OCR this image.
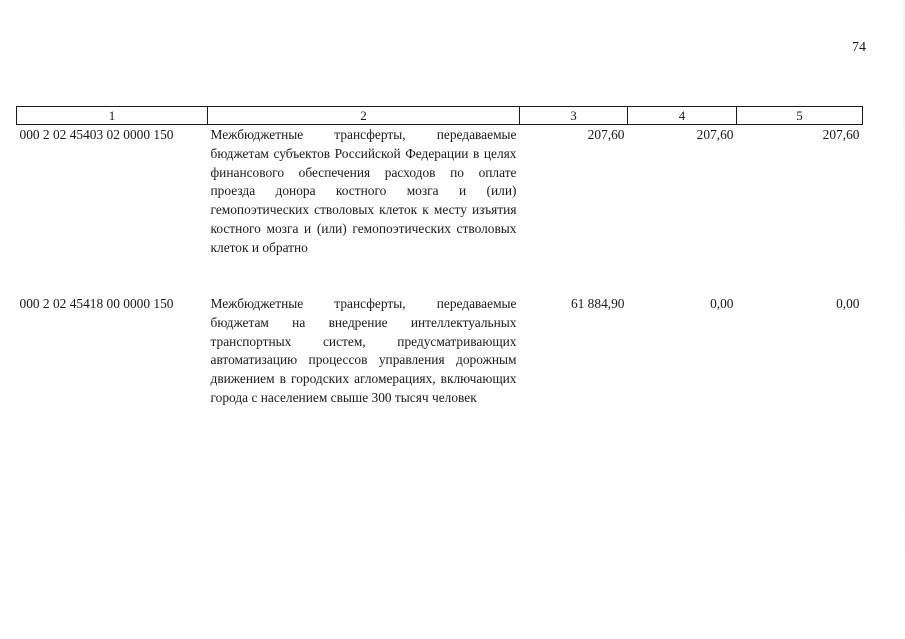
74
1	2	3	4	5
000 2 02 45403 02 0000 150	Межбюджетные трансферты, передаваемые бюджетам субъектов Российской Федерации в целях финансового обеспечения расходов по оплате проезда донора костного мозга и (или) гемопоэтических стволовых клеток к месту изъятия костного мозга и (или) гемопоэтических стволовых клеток и обратно	207,60	207,60	207,60
000 2 02 45418 00 0000 150	Межбюджетные трансферты, передаваемые бюджетам на внедрение интеллектуальных транспортных систем, предусматривающих автоматизацию процессов управления дорожным движением в городских агломерациях, включающих города с населением свыше 300 тысяч человек	61 884,90	0,00	0,00
